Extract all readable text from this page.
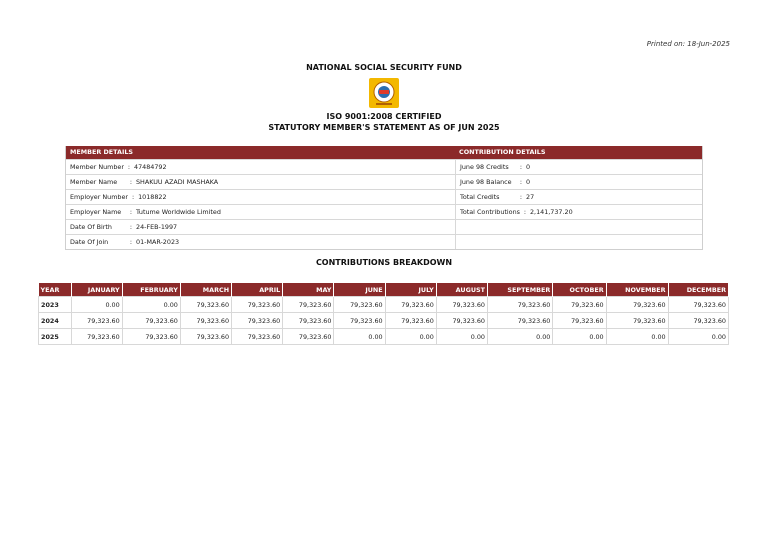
Printed on: 18-Jun-2025
NATIONAL SOCIAL SECURITY FUND
ISO 9001:2008 CERTIFIED
STATUTORY MEMBER'S STATEMENT AS OF JUN 2025
MEMBER DETAILS	CONTRIBUTION DETAILS
Member Number : 47484792	June 98 Credits : 0
Member Name : SHAKUU AZADI MASHAKA	June 98 Balance : 0
Employer Number : 1018822	Total Credits	: 27
Employer Name : Tutume Worldwide Limited	Total Contributions : 2,141,737.20
Date Of Birth	: 24-FEB-1997
Date Of Join	: 01-MAR-2023
CONTRIBUTIONS BREAKDOWN
YEAR	JANUARY	FEBRUARY	MARCH	APRIL	MAY	JUNE	JULY	AUGUST	SEPTEMBER	OCTOBER	NOVEMBER	DECEMBER
2023	0.00	0.00	79,323.60	79,323.60	79,323.60	79,323.60	79,323.60	79,323.60	79,323.60	79,323.60	79,323.60	79,323.60
2024	79,323.60	79,323.60	79,323.60	79,323.60	79,323.60	79,323.60	79,323.60	79,323.60	79,323.60	79,323.60	79,323.60	79,323.60
2025	79,323.60	79,323.60	79,323.60	79,323.60	79,323.60	0.00	0.00	0.00	0.00	0.00	0.00	0.00
